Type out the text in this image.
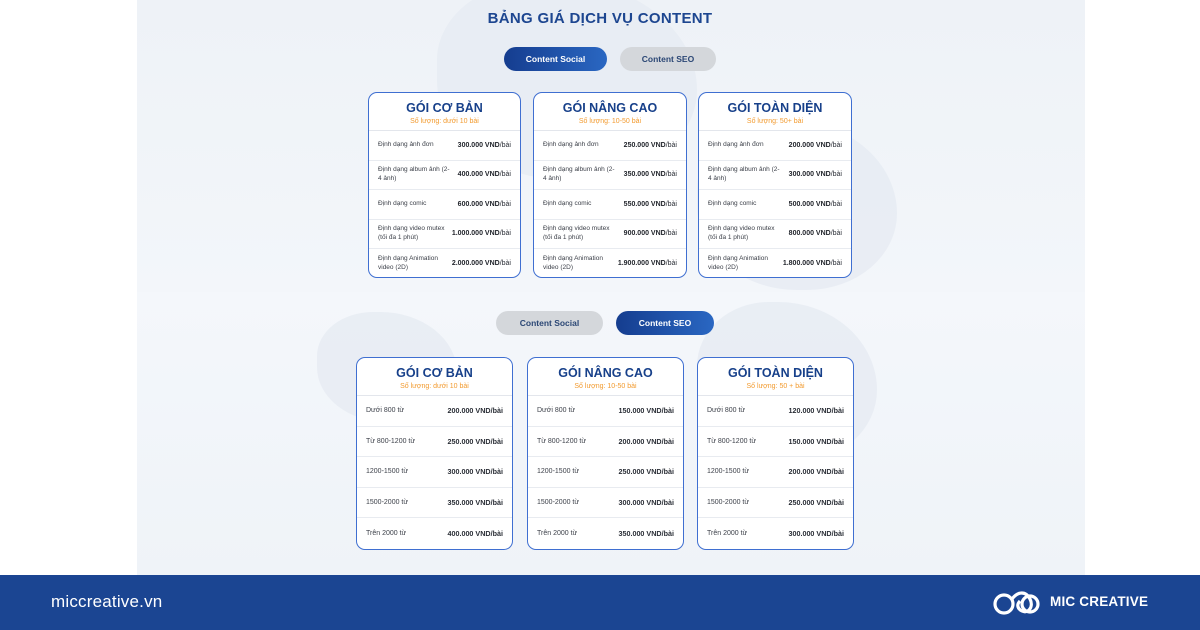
BẢNG GIÁ DỊCH VỤ CONTENT
Content Social	Content SEO
GÓI CƠ BẢN
Số lượng: dưới 10 bài
Định dạng ảnh đơn	300.000 VND/bài
Định dạng album ảnh (2-4 ảnh)
400.000 VND/bài
Định dạng comic	600.000 VND/bài
Định dạng video mutex (tối đa 1 phút)
1.000.000 VND/bài
Định dạng Animation video (2D)
2.000.000 VND/bài
GÓI NÂNG CAO
Số lượng: 10-50 bài
Định dạng ảnh đơn	250.000 VND/bài
Định dạng album ảnh (2-4 ảnh)
350.000 VND/bài
Định dạng comic	550.000 VND/bài
Định dạng video mutex (tối đa 1 phút)
900.000 VND/bài
Định dạng Animation video (2D)
1.900.000 VND/bài
GÓI TOÀN DIỆN
Số lượng: 50+ bài
Định dạng ảnh đơn	200.000 VND/bài
Định dạng album ảnh (2-4 ảnh)
300.000 VND/bài
Định dạng comic	500.000 VND/bài
Định dạng video mutex (tối đa 1 phút)
800.000 VND/bài
Định dạng Animation video (2D)
1.800.000 VND/bài
Content Social	Content SEO
GÓI CƠ BẢN
Số lượng: dưới 10 bài
Dưới 800 từ	200.000 VND/bài
Từ 800-1200 từ	250.000 VND/bài
1200-1500 từ	300.000 VND/bài
1500-2000 từ	350.000 VND/bài
Trên 2000 từ	400.000 VND/bài
GÓI NÂNG CAO
Số lượng: 10-50 bài
Dưới 800 từ	150.000 VND/bài
Từ 800-1200 từ	200.000 VND/bài
1200-1500 từ	250.000 VND/bài
1500-2000 từ	300.000 VND/bài
Trên 2000 từ	350.000 VND/bài
GÓI TOÀN DIỆN
Số lượng: 50 + bài
Dưới 800 từ	120.000 VND/bài
Từ 800-1200 từ	150.000 VND/bài
1200-1500 từ	200.000 VND/bài
1500-2000 từ	250.000 VND/bài
Trên 2000 từ	300.000 VND/bài
miccreative.vn	MIC CREATIVE
